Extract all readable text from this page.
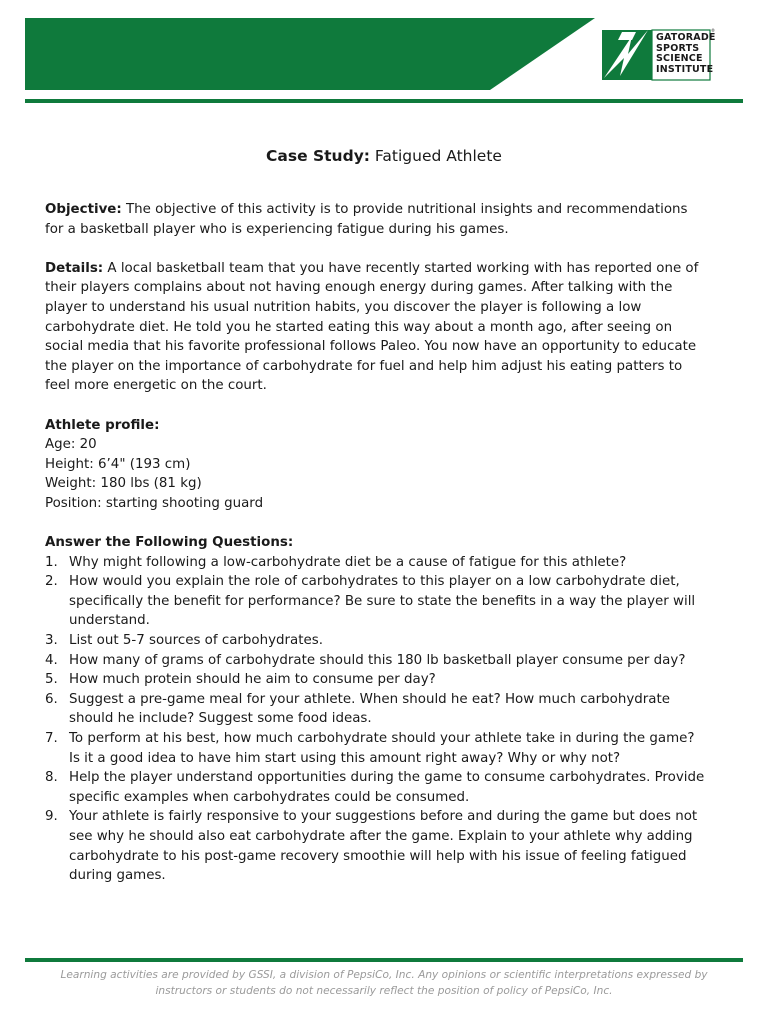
GATORADE
SPORTS
SCIENCE
INSTITUTE
®
Case Study: Fatigued Athlete

Objective: The objective of this activity is to provide nutritional insights and recommendations for a basketball player who is experiencing fatigue during his games.

Details: A local basketball team that you have recently started working with has reported one of their players complains about not having enough energy during games. After talking with the player to understand his usual nutrition habits, you discover the player is following a low carbohydrate diet. He told you he started eating this way about a month ago, after seeing on social media that his favorite professional follows Paleo. You now have an opportunity to educate the player on the importance of carbohydrate for fuel and help him adjust his eating patters to feel more energetic on the court.

Athlete profile:
Age: 20
Height: 6’4" (193 cm)
Weight: 180 lbs (81 kg)
Position: starting shooting guard
Answer the Following Questions:
1. Why might following a low-carbohydrate diet be a cause of fatigue for this athlete?
2. How would you explain the role of carbohydrates to this player on a low carbohydrate diet, specifically the benefit for performance? Be sure to state the benefits in a way the player will understand.
3. List out 5-7 sources of carbohydrates.
4. How many of grams of carbohydrate should this 180 lb basketball player consume per day?
5. How much protein should he aim to consume per day?
6. Suggest a pre-game meal for your athlete. When should he eat? How much carbohydrate should he include? Suggest some food ideas.
7. To perform at his best, how much carbohydrate should your athlete take in during the game? Is it a good idea to have him start using this amount right away? Why or why not?
8. Help the player understand opportunities during the game to consume carbohydrates. Provide specific examples when carbohydrates could be consumed.
9. Your athlete is fairly responsive to your suggestions before and during the game but does not see why he should also eat carbohydrate after the game. Explain to your athlete why adding carbohydrate to his post-game recovery smoothie will help with his issue of feeling fatigued during games.
Learning activities are provided by GSSI, a division of PepsiCo, Inc. Any opinions or scientific interpretations expressed by instructors or students do not necessarily reflect the position of policy of PepsiCo, Inc.
